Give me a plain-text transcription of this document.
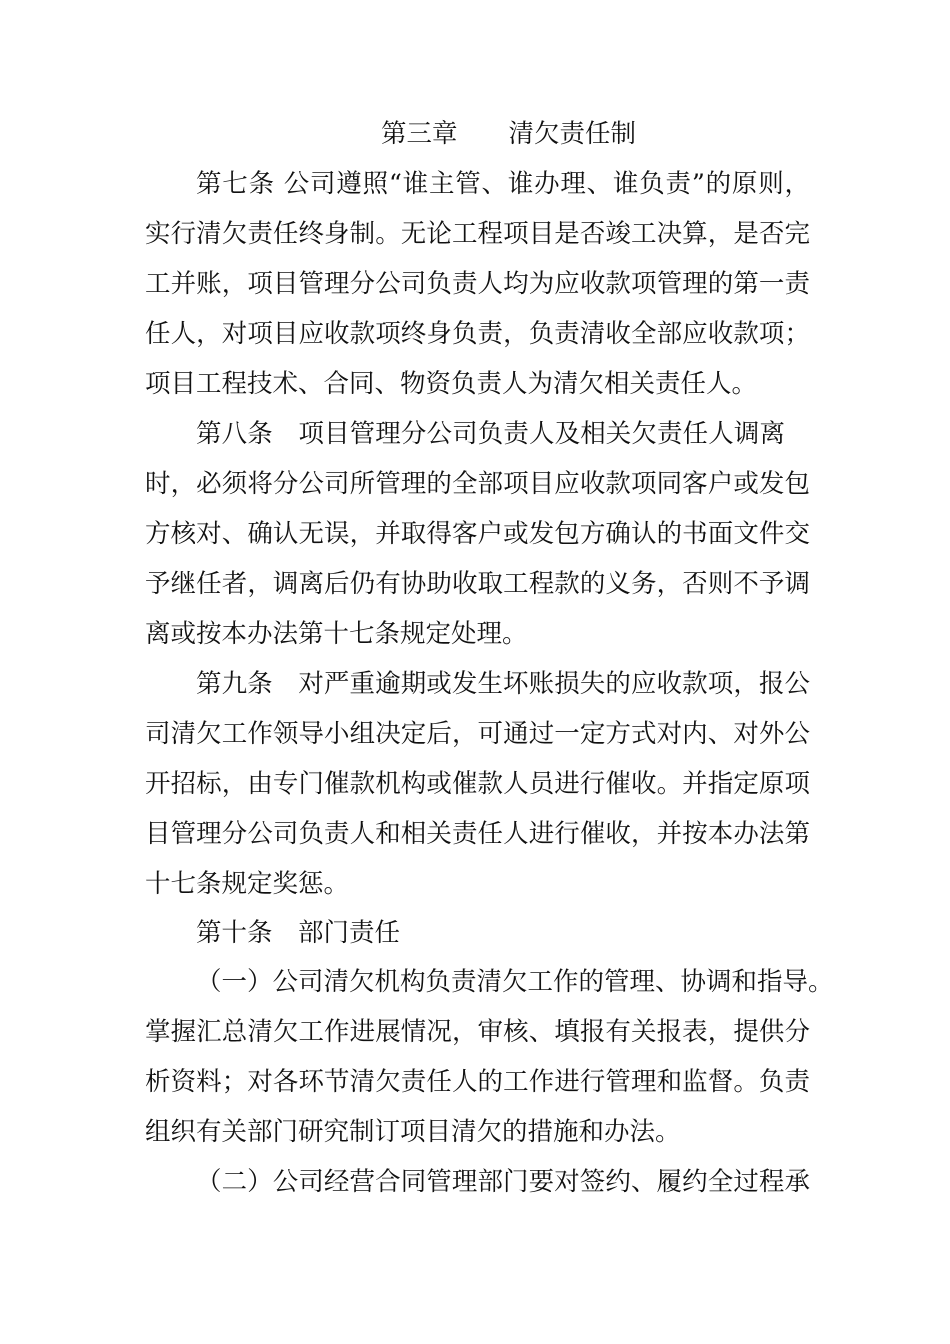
第三章　　清欠责任制
第七条 公司遵照“谁主管、谁办理、谁负责”的原则，
实行清欠责任终身制。无论工程项目是否竣工决算，是否完
工并账，项目管理分公司负责人均为应收款项管理的第一责
任人，对项目应收款项终身负责，负责清收全部应收款项；
项目工程技术、合同、物资负责人为清欠相关责任人。
第八条　项目管理分公司负责人及相关欠责任人调离
时，必须将分公司所管理的全部项目应收款项同客户或发包
方核对、确认无误，并取得客户或发包方确认的书面文件交
予继任者，调离后仍有协助收取工程款的义务，否则不予调
离或按本办法第十七条规定处理。
第九条　对严重逾期或发生坏账损失的应收款项，报公
司清欠工作领导小组决定后，可通过一定方式对内、对外公
开招标，由专门催款机构或催款人员进行催收。并指定原项
目管理分公司负责人和相关责任人进行催收，并按本办法第
十七条规定奖惩。
第十条　部门责任
（一）公司清欠机构负责清欠工作的管理、协调和指导。
掌握汇总清欠工作进展情况，审核、填报有关报表，提供分
析资料；对各环节清欠责任人的工作进行管理和监督。负责
组织有关部门研究制订项目清欠的措施和办法。
（二）公司经营合同管理部门要对签约、履约全过程承
